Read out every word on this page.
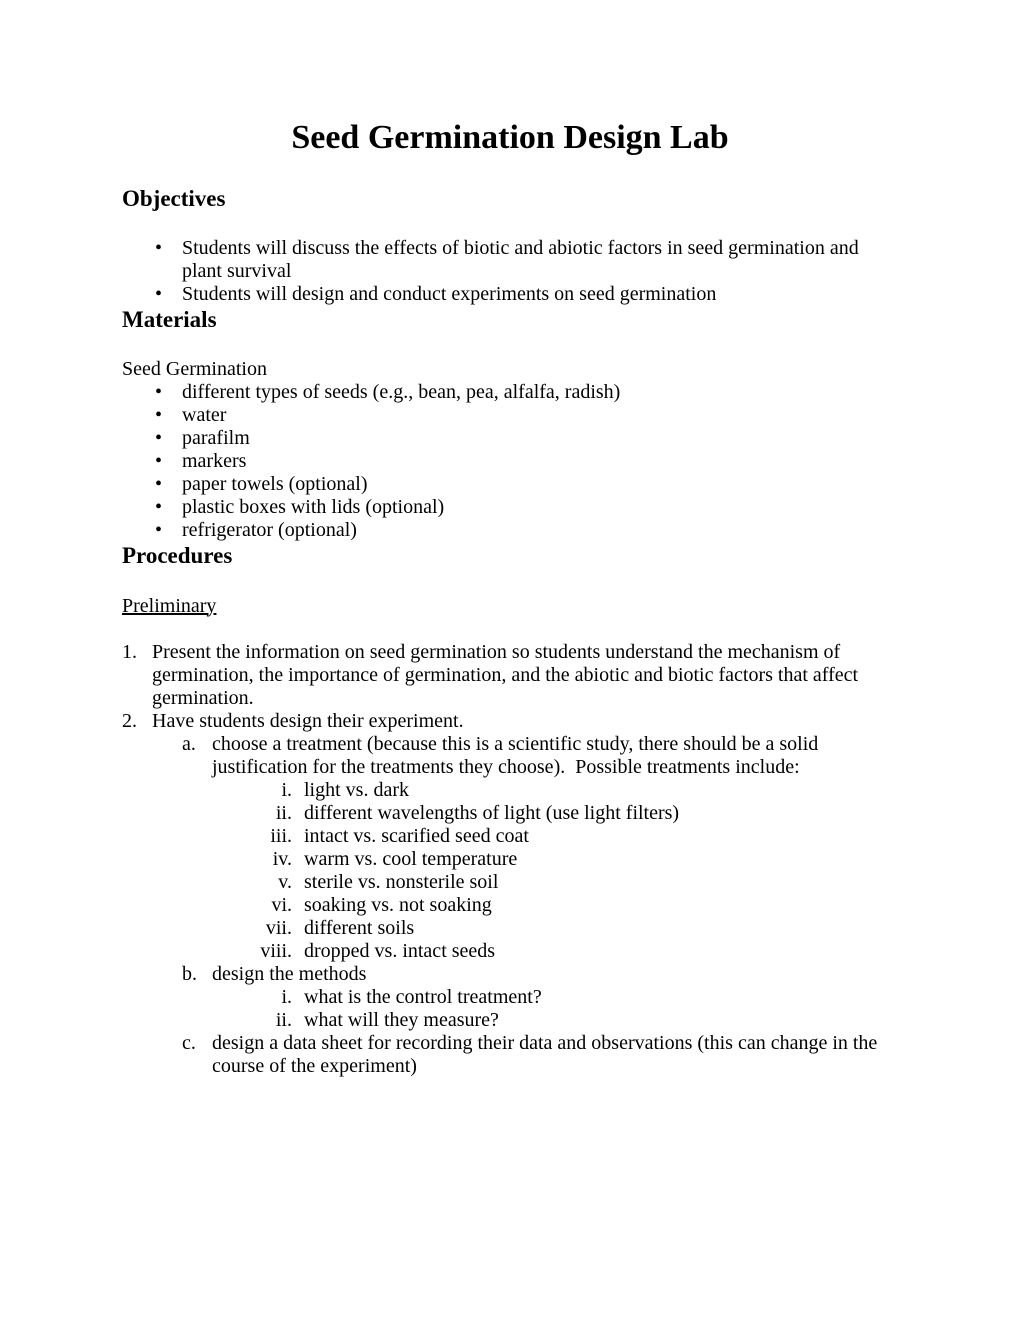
Seed Germination Design Lab
Objectives
• Students will discuss the effects of biotic and abiotic factors in seed germination and plant survival
• Students will design and conduct experiments on seed germination
Materials

Seed Germination

• different types of seeds (e.g., bean, pea, alfalfa, radish)
• water
• parafilm
• markers
• paper towels (optional)
• plastic boxes with lids (optional)
• refrigerator (optional)
Procedures

Preliminary

1. Present the information on seed germination so students understand the mechanism of germination, the importance of germination, and the abiotic and biotic factors that affect germination.
2. Have students design their experiment.
a. choose a treatment (because this is a scientific study, there should be a solid justification for the treatments they choose).  Possible treatments include:
i. light vs. dark
ii. different wavelengths of light (use light filters)
iii. intact vs. scarified seed coat
iv. warm vs. cool temperature
v. sterile vs. nonsterile soil
vi. soaking vs. not soaking
vii. different soils
viii. dropped vs. intact seeds
b. design the methods
i. what is the control treatment?
ii. what will they measure?
c. design a data sheet for recording their data and observations (this can change in the course of the experiment)
